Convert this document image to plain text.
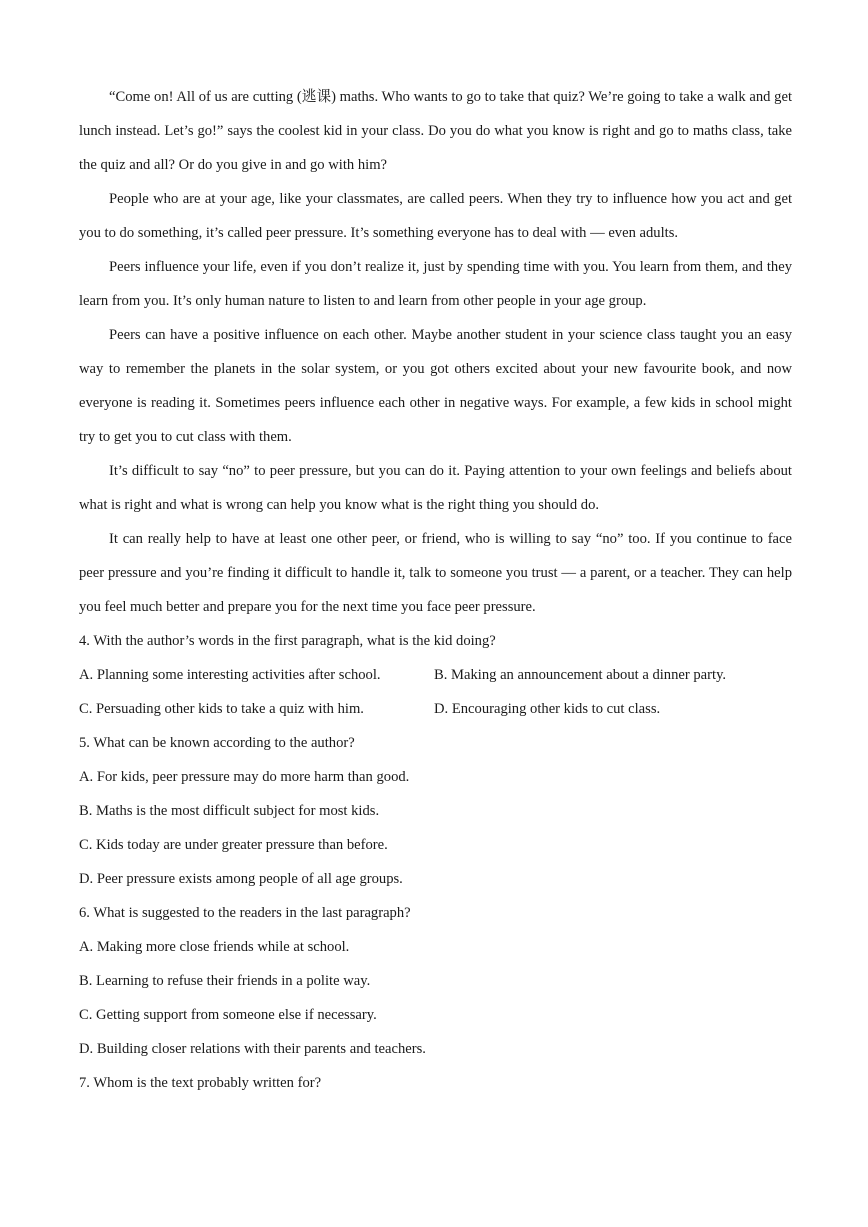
“Come on! All of us are cutting (逃课) maths. Who wants to go to take that quiz? We’re going to take a walk and get lunch instead. Let’s go!” says the coolest kid in your class. Do you do what you know is right and go to maths class, take the quiz and all? Or do you give in and go with him?

People who are at your age, like your classmates, are called peers. When they try to influence how you act and get you to do something, it’s called peer pressure. It’s something everyone has to deal with — even adults.

Peers influence your life, even if you don’t realize it, just by spending time with you. You learn from them, and they learn from you. It’s only human nature to listen to and learn from other people in your age group.

Peers can have a positive influence on each other. Maybe another student in your science class taught you an easy way to remember the planets in the solar system, or you got others excited about your new favourite book, and now everyone is reading it. Sometimes peers influence each other in negative ways. For example, a few kids in school might try to get you to cut class with them.

It’s difficult to say “no” to peer pressure, but you can do it. Paying attention to your own feelings and beliefs about what is right and what is wrong can help you know what is the right thing you should do.

It can really help to have at least one other peer, or friend, who is willing to say “no” too. If you continue to face peer pressure and you’re finding it difficult to handle it, talk to someone you trust — a parent, or a teacher. They can help you feel much better and prepare you for the next time you face peer pressure.

4. With the author’s words in the first paragraph, what is the kid doing?

A. Planning some interesting activities after school.	B. Making an announcement about a dinner party.
C. Persuading other kids to take a quiz with him.	D. Encouraging other kids to cut class.

5. What can be known according to the author?

A. For kids, peer pressure may do more harm than good.

B. Maths is the most difficult subject for most kids.

C. Kids today are under greater pressure than before.

D. Peer pressure exists among people of all age groups.

6. What is suggested to the readers in the last paragraph?

A. Making more close friends while at school.

B. Learning to refuse their friends in a polite way.

C. Getting support from someone else if necessary.

D. Building closer relations with their parents and teachers.

7. Whom is the text probably written for?
